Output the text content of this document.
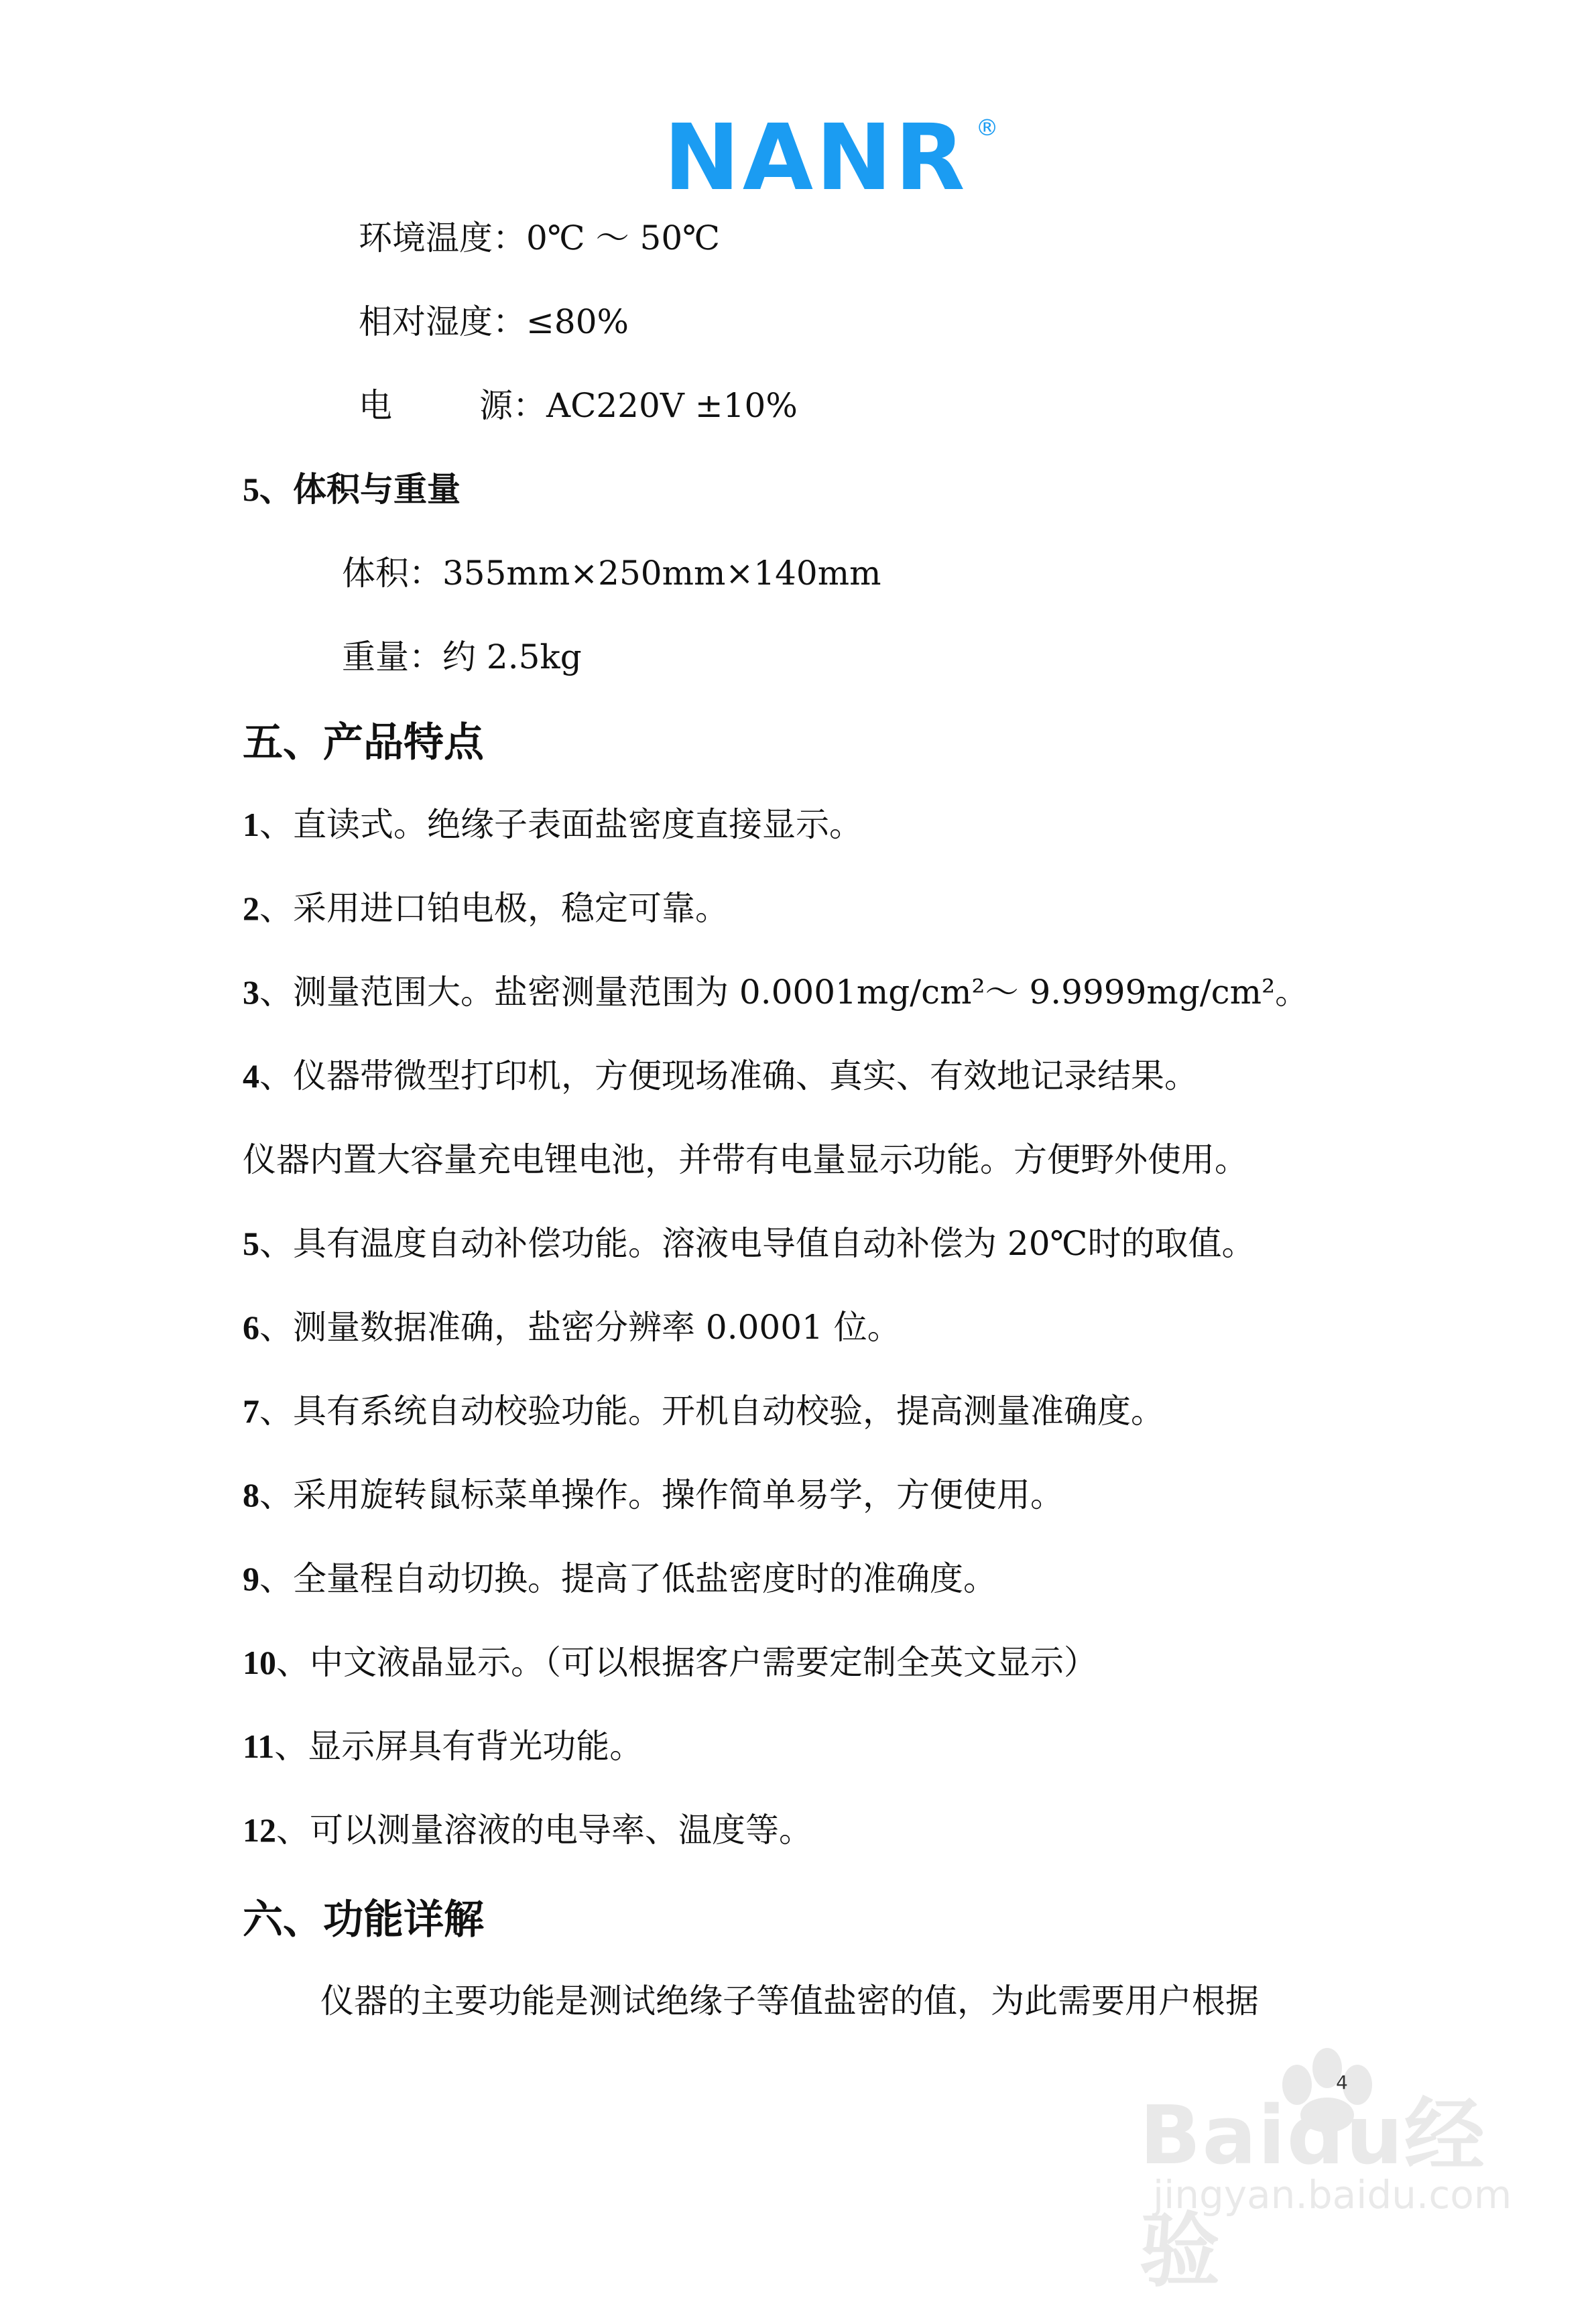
NANR ®
环境温度：0℃ ～ 50℃
相对湿度：≤80%
电	源：AC220V ±10%
5、体积与重量
体积：355mm×250mm×140mm
重量：约 2.5kg
五、产品特点
1、直读式。绝缘子表面盐密度直接显示。
2、采用进口铂电极，稳定可靠。
3、测量范围大。盐密测量范围为 0.0001mg/cm²～ 9.9999mg/cm²。
4、仪器带微型打印机，方便现场准确、真实、有效地记录结果。
仪器内置大容量充电锂电池，并带有电量显示功能。方便野外使用。
5、具有温度自动补偿功能。溶液电导值自动补偿为 20℃时的取值。
6、测量数据准确，盐密分辨率 0.0001 位。
7、具有系统自动校验功能。开机自动校验，提高测量准确度。
8、采用旋转鼠标菜单操作。操作简单易学，方便使用。
9、全量程自动切换。提高了低盐密度时的准确度。
10、中文液晶显示。（可以根据客户需要定制全英文显示）
11、显示屏具有背光功能。
12、可以测量溶液的电导率、温度等。
六、功能详解
仪器的主要功能是测试绝缘子等值盐密的值，为此需要用户根据
Baidu经验
jingyan.baidu.com
4
